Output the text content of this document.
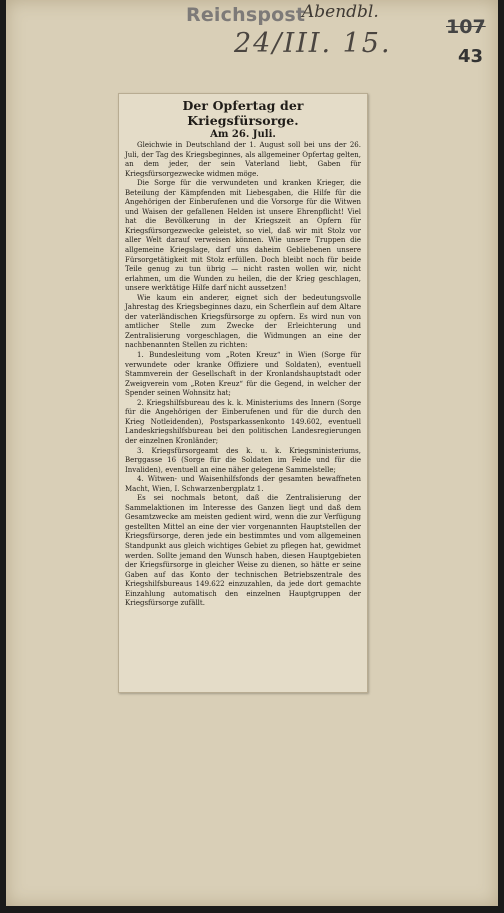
Reichspost
Abendbl.
24/III. 15.
107
43
Der Opfertag der Kriegsfürsorge.
Am 26. Juli.

Gleichwie in Deutschland der 1. August soll bei uns der 26. Juli, der Tag des Kriegsbeginnes, als allgemeiner Opfertag gelten, an dem jeder, der sein Vaterland liebt, Gaben für Kriegsfürsorgezwecke widmen möge.

Die Sorge für die verwundeten und kranken Krieger, die Beteilung der Kämpfenden mit Liebesgaben, die Hilfe für die Angehörigen der Einberufenen und die Vorsorge für die Witwen und Waisen der gefallenen Helden ist unsere Ehrenpflicht! Viel hat die Bevölkerung in der Kriegszeit an Opfern für Kriegsfürsorgezwecke geleistet, so viel, daß wir mit Stolz vor aller Welt darauf verweisen können. Wie unsere Truppen die allgemeine Kriegslage, darf uns daheim Gebliebenen unsere Fürsorgetätigkeit mit Stolz erfüllen. Doch bleibt noch für beide Teile genug zu tun übrig — nicht rasten wollen wir, nicht erlahmen, um die Wunden zu heilen, die der Krieg geschlagen, unsere werktätige Hilfe darf nicht aussetzen!

Wie kaum ein anderer, eignet sich der bedeutungsvolle Jahrestag des Kriegsbeginnes dazu, ein Scherflein auf dem Altare der vaterländischen Kriegsfürsorge zu opfern. Es wird nun von amtlicher Stelle zum Zwecke der Erleichterung und Zentralisierung vorgeschlagen, die Widmungen an eine der nachbenannten Stellen zu richten:

1. Bundesleitung vom „Roten Kreuz“ in Wien (Sorge für verwundete oder kranke Offiziere und Soldaten), eventuell Stammverein der Gesellschaft in der Kronlandshauptstadt oder Zweigverein vom „Roten Kreuz“ für die Gegend, in welcher der Spender seinen Wohnsitz hat;

2. Kriegshilfsbureau des k. k. Ministeriums des Innern (Sorge für die Angehörigen der Einberufenen und für die durch den Krieg Notleidenden), Postsparkassenkonto 149.602, eventuell Landeskriegshilfsbureau bei den politischen Landesregierungen der einzelnen Kronländer;

3. Kriegsfürsorgeamt des k. u. k. Kriegsministeriums, Berggasse 16 (Sorge für die Soldaten im Felde und für die Invaliden), eventuell an eine näher gelegene Sammelstelle;

4. Witwen- und Waisenhilfsfonds der gesamten bewaffneten Macht, Wien, I. Schwarzenbergplatz 1.

Es sei nochmals betont, daß die Zentralisierung der Sammelaktionen im Interesse des Ganzen liegt und daß dem Gesamtzwecke am meisten gedient wird, wenn die zur Verfügung gestellten Mittel an eine der vier vorgenannten Hauptstellen der Kriegsfürsorge, deren jede ein bestimmtes und vom allgemeinen Standpunkt aus gleich wichtiges Gebiet zu pflegen hat, gewidmet werden. Sollte jemand den Wunsch haben, diesen Hauptgebieten der Kriegsfürsorge in gleicher Weise zu dienen, so hätte er seine Gaben auf das Konto der technischen Betriebszentrale des Kriegshilfsbureaus 149.622 einzuzahlen, da jede dort gemachte Einzahlung automatisch den einzelnen Hauptgruppen der Kriegsfürsorge zufällt.
